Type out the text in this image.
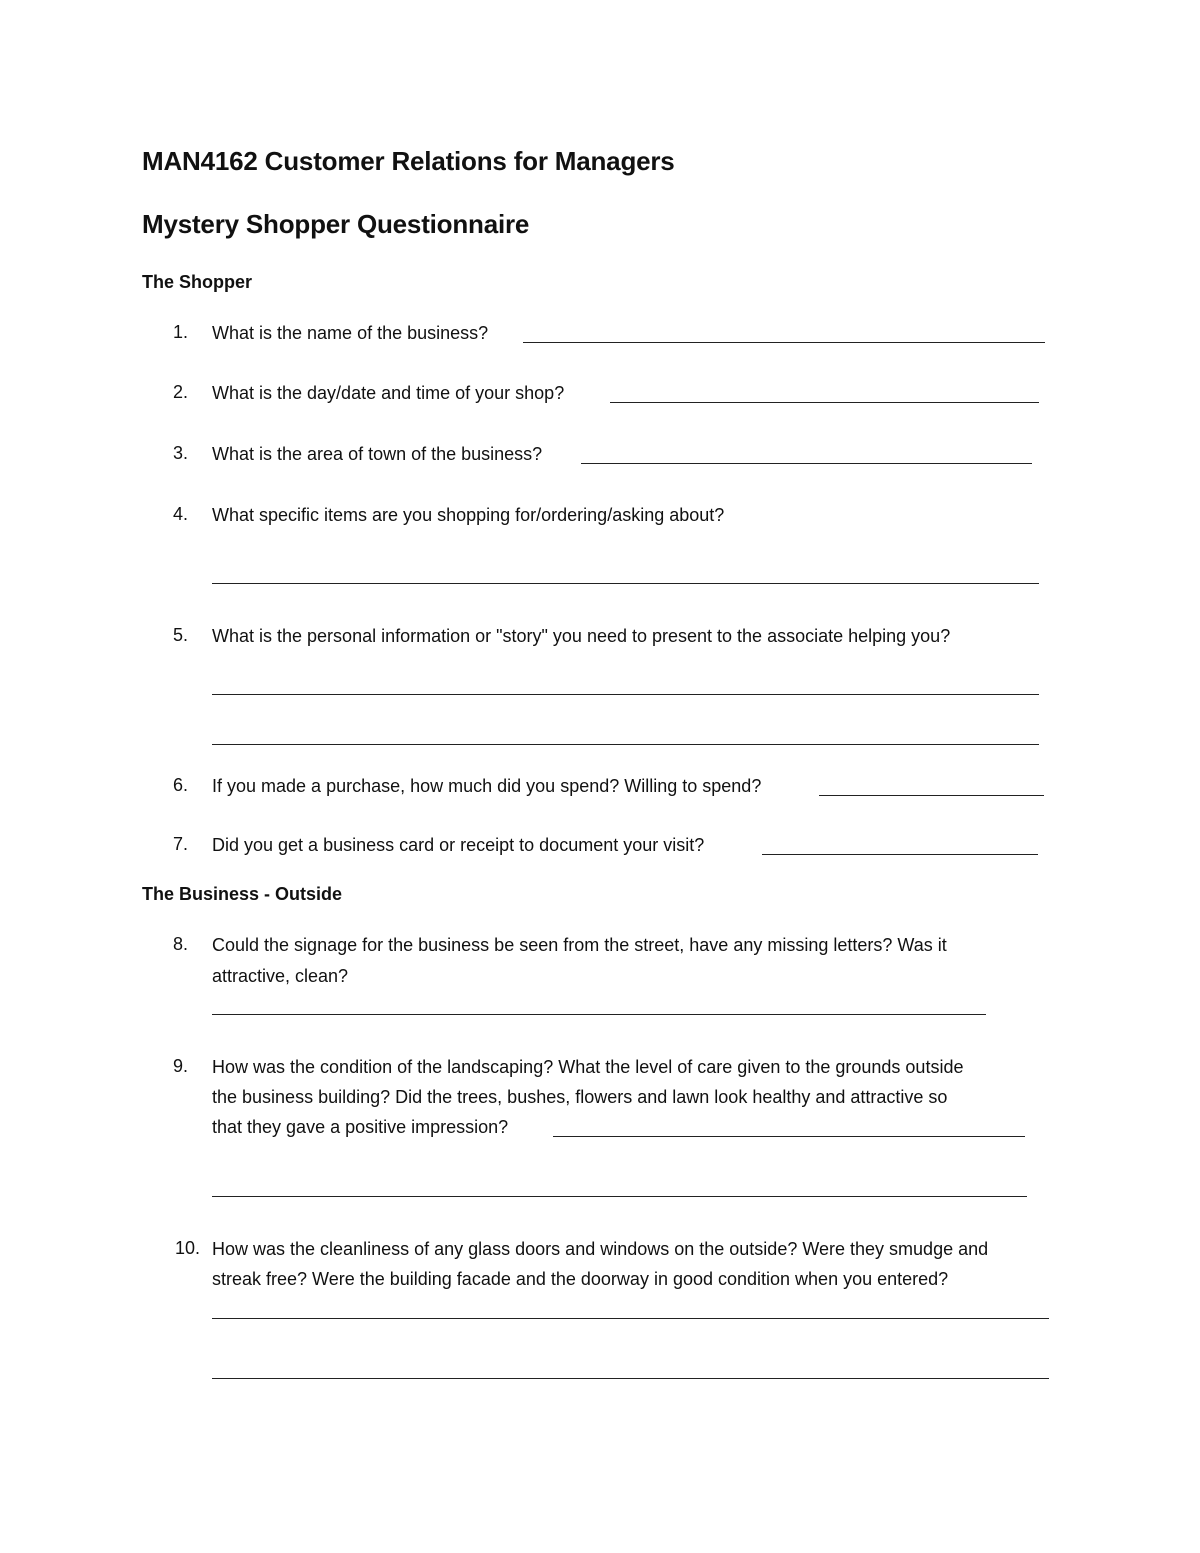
MAN4162 Customer Relations for Managers
Mystery Shopper Questionnaire
The Shopper
1. What is the name of the business?
2. What is the day/date and time of your shop?
3. What is the area of town of the business?
4. What specific items are you shopping for/ordering/asking about?
5. What is the personal information or "story" you need to present to the associate helping you?
6. If you made a purchase, how much did you spend? Willing to spend?
7. Did you get a business card or receipt to document your visit?
The Business - Outside
8. Could the signage for the business be seen from the street, have any missing letters? Was it
attractive, clean?
9. How was the condition of the landscaping? What the level of care given to the grounds outside
the business building? Did the trees, bushes, flowers and lawn look healthy and attractive so
that they gave a positive impression?
10. How was the cleanliness of any glass doors and windows on the outside? Were they smudge and
streak free? Were the building facade and the doorway in good condition when you entered?
